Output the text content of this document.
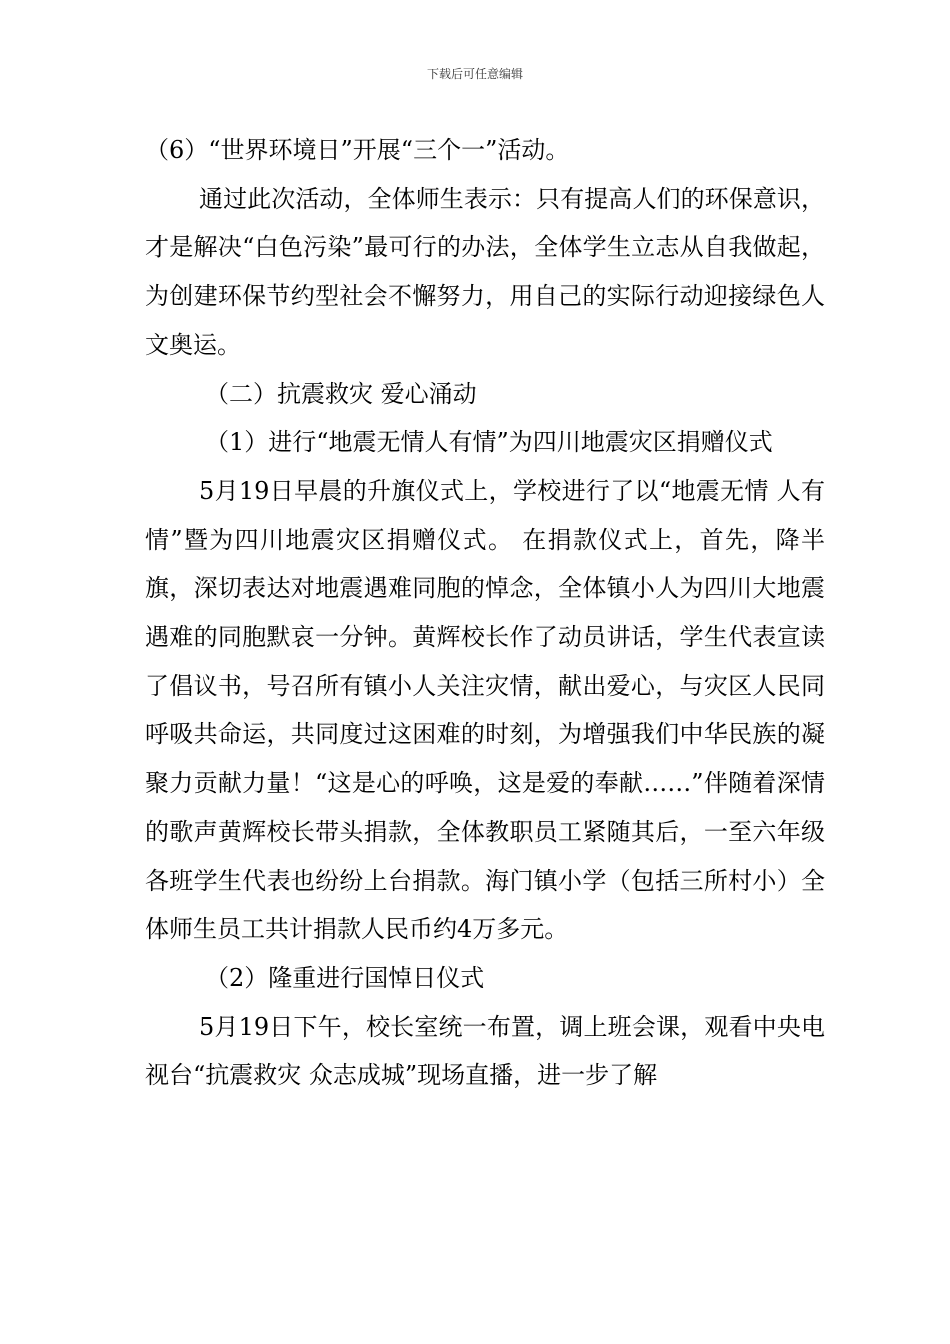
下载后可任意编辑

（6）“世界环境日”开展“三个一”活动。

通过此次活动，全体师生表示：只有提高人们的环保意识，才是解决“白色污染”最可行的办法，全体学生立志从自我做起，为创建环保节约型社会不懈努力，用自己的实际行动迎接绿色人文奥运。

（二）抗震救灾 爱心涌动

（1）进行“地震无情人有情”为四川地震灾区捐赠仪式

5月19日早晨的升旗仪式上，学校进行了以“地震无情 人有情”暨为四川地震灾区捐赠仪式。 在捐款仪式上，首先，降半旗，深切表达对地震遇难同胞的悼念，全体镇小人为四川大地震遇难的同胞默哀一分钟。黄辉校长作了动员讲话，学生代表宣读了倡议书，号召所有镇小人关注灾情，献出爱心，与灾区人民同呼吸共命运，共同度过这困难的时刻，为增强我们中华民族的凝聚力贡献力量！“这是心的呼唤，这是爱的奉献……”伴随着深情的歌声黄辉校长带头捐款，全体教职员工紧随其后，一至六年级各班学生代表也纷纷上台捐款。海门镇小学（包括三所村小）全体师生员工共计捐款人民币约4万多元。

（2）隆重进行国悼日仪式

5月19日下午，校长室统一布置，调上班会课，观看中央电视台“抗震救灾 众志成城”现场直播，进一步了解
